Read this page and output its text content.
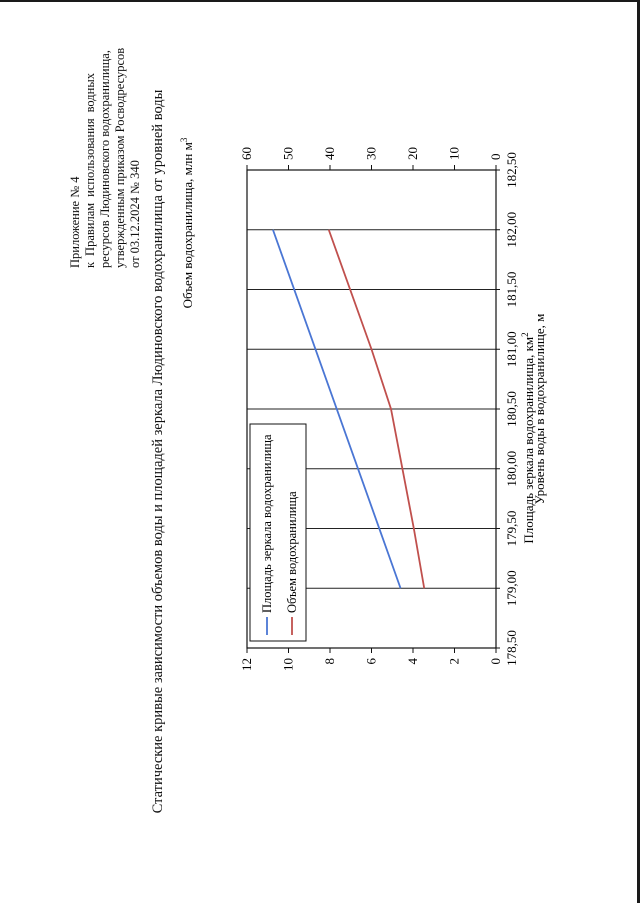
Приложение № 4 к Правилам использования водных ресурсов Людиновского водохранилища, утвержденным приказом Росводресурсов от 03.12.2024 № 340 Статические кривые зависимости объемов воды и площадей зеркала Людиновского водохранилища от уровней воды	178,50
179,00
179,50
180,00
180,50
181,00
181,50
182,00
182,50
Уровень воды в водохранилище, м
0
10
20
30
40
50
60
Объем водохранилища, млн $м^3$
0
2
4
6
8
10
12
Площадь зеркала водохранилища, $км^2$
Площадь зеркала водохранилища Объем водохранилища
